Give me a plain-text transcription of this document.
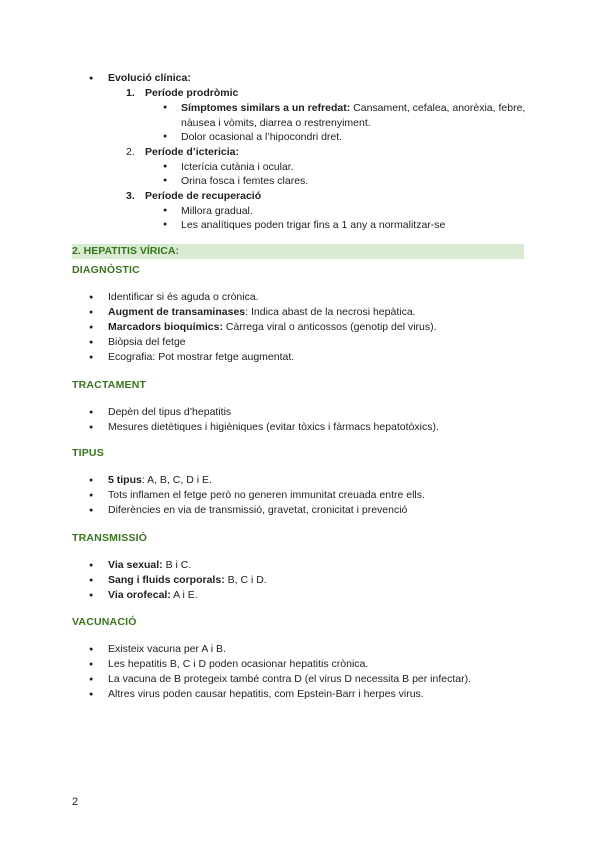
● Evolució clínica:
1. Període prodròmic
● Símptomes similars a un refredat: Cansament, cefalea, anorèxia, febre, nàusea i vòmits, diarrea o restrenyiment.
● Dolor ocasional a l’hipocondri dret.
2. Període d’ictericia:
● Icterícia cutània i ocular.
● Orina fosca i femtes clares.
3. Període de recuperació
● Millora gradual.
● Les analítiques poden trigar fins a 1 any a normalitzar-se
2. HEPATITIS VÍRICA:
DIAGNÒSTIC
● Identificar si és aguda o crònica.
● Augment de transaminases: Indica abast de la necrosi hepàtica.
● Marcadors bioquímics: Càrrega viral o anticossos (genotip del virus).
● Biòpsia del fetge
● Ecografia: Pot mostrar fetge augmentat.
TRACTAMENT
● Depèn del tipus d’hepatitis
● Mesures dietètiques i higièniques (evitar tòxics i fàrmacs hepatotòxics).
TIPUS
● 5 tipus: A, B, C, D i E.
● Tots inflamen el fetge però no generen immunitat creuada entre ells.
● Diferències en via de transmissió, gravetat, cronicitat i prevenció
TRANSMISSIÓ
● Via sexual: B i C.
● Sang i fluids corporals: B, C i D.
● Via orofecal: A i E.
VACUNACIÓ
● Existeix vacuna per A i B.
● Les hepatitis B, C i D poden ocasionar hepatitis crònica.
● La vacuna de B protegeix també contra D (el virus D necessita B per infectar).
● Altres virus poden causar hepatitis, com Epstein-Barr i herpes virus.
2
